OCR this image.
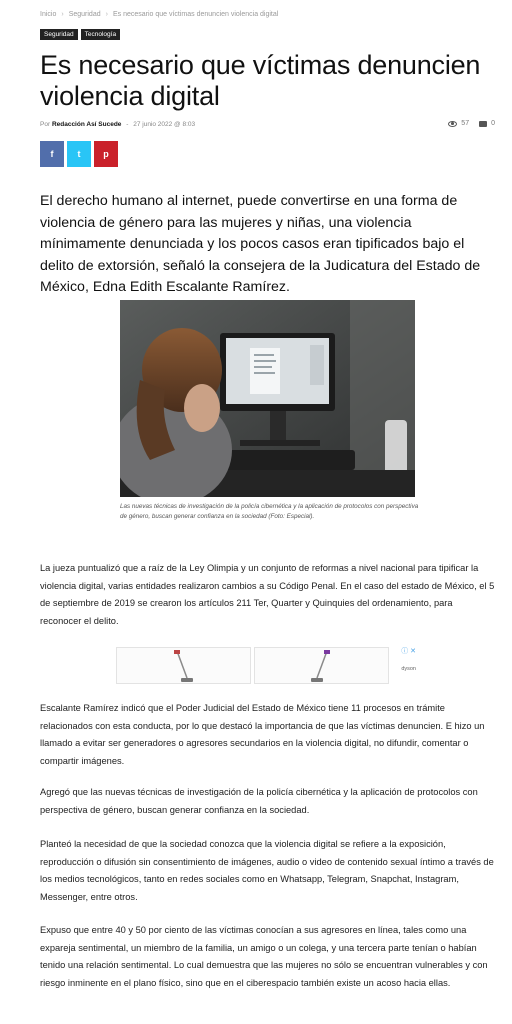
Inicio › Seguridad › Es necesario que víctimas denuncien violencia digital
Seguridad	Tecnología
Es necesario que víctimas denuncien violencia digital
Por Redacción Así Sucede - 27 junio 2022 @ 8:03	57	0
f	t	p

El derecho humano al internet, puede convertirse en una forma de violencia de género para las mujeres y niñas, una violencia mínimamente denunciada y los pocos casos eran tipificados bajo el delito de extorsión, señaló la consejera de la Judicatura del Estado de México, Edna Edith Escalante Ramírez.

Las nuevas técnicas de investigación de la policía cibernética y la aplicación de protocolos con perspectiva de género, buscan generar confianza en la sociedad (Foto: Especial).

La jueza puntualizó que a raíz de la Ley Olimpia y un conjunto de reformas a nivel nacional para tipificar la violencia digital, varias entidades realizaron cambios a su Código Penal. En el caso del estado de México, el 5 de septiembre de 2019 se crearon los artículos 211 Ter, Quarter y Quinquies del ordenamiento, para reconocer el delito.

ⓘ ✕
dyson

Escalante Ramírez indicó que el Poder Judicial del Estado de México tiene 11 procesos en trámite relacionados con esta conducta, por lo que destacó la importancia de que las víctimas denuncien. E hizo un llamado a evitar ser generadores o agresores secundarios en la violencia digital, no difundir, comentar o compartir imágenes.

Agregó que las nuevas técnicas de investigación de la policía cibernética y la aplicación de protocolos con perspectiva de género, buscan generar confianza en la sociedad.

Planteó la necesidad de que la sociedad conozca que la violencia digital se refiere a la exposición, reproducción o difusión sin consentimiento de imágenes, audio o video de contenido sexual íntimo a través de los medios tecnológicos, tanto en redes sociales como en Whatsapp, Telegram, Snapchat, Instagram, Messenger, entre otros.

Expuso que entre 40 y 50 por ciento de las víctimas conocían a sus agresores en línea, tales como una expareja sentimental, un miembro de la familia, un amigo o un colega, y una tercera parte tenían o habían tenido una relación sentimental. Lo cual demuestra que las mujeres no sólo se encuentran vulnerables y con riesgo inminente en el plano físico, sino que en el ciberespacio también existe un acoso hacia ellas.
